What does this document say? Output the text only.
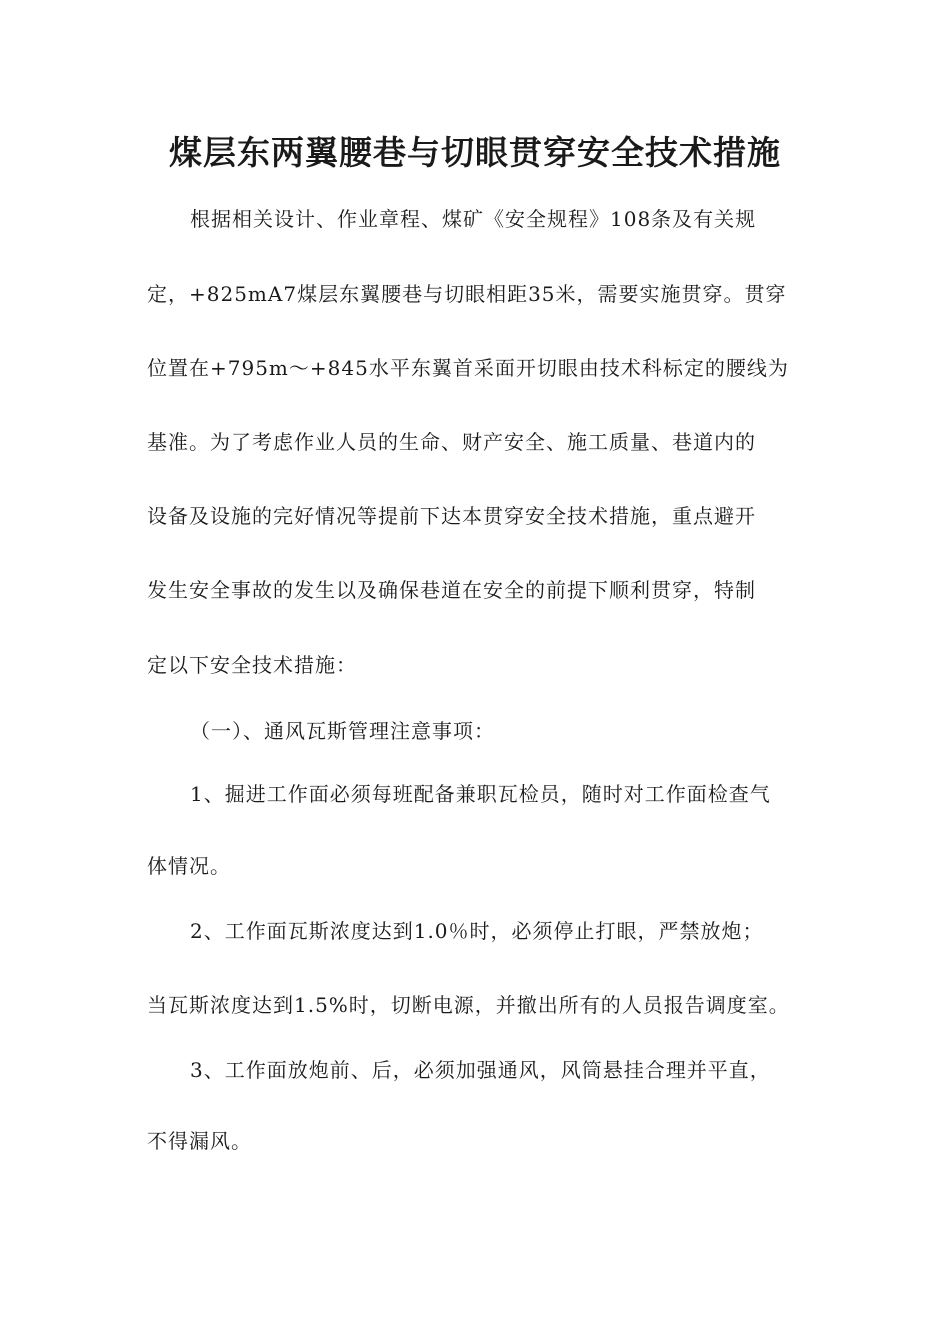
煤层东两翼腰巷与切眼贯穿安全技术措施

根据相关设计、作业章程、煤矿《安全规程》108条及有关规

定，+825mA7煤层东翼腰巷与切眼相距35米，需要实施贯穿。贯穿

位置在+795m～+845水平东翼首采面开切眼由技术科标定的腰线为

基准。为了考虑作业人员的生命、财产安全、施工质量、巷道内的

设备及设施的完好情况等提前下达本贯穿安全技术措施，重点避开

发生安全事故的发生以及确保巷道在安全的前提下顺利贯穿，特制

定以下安全技术措施：

（一）、通风瓦斯管理注意事项：

1、掘进工作面必须每班配备兼职瓦检员，随时对工作面检查气

体情况。

2、工作面瓦斯浓度达到1.0％时，必须停止打眼，严禁放炮；

当瓦斯浓度达到1.5%时，切断电源，并撤出所有的人员报告调度室。

3、工作面放炮前、后，必须加强通风，风筒悬挂合理并平直，

不得漏风。
